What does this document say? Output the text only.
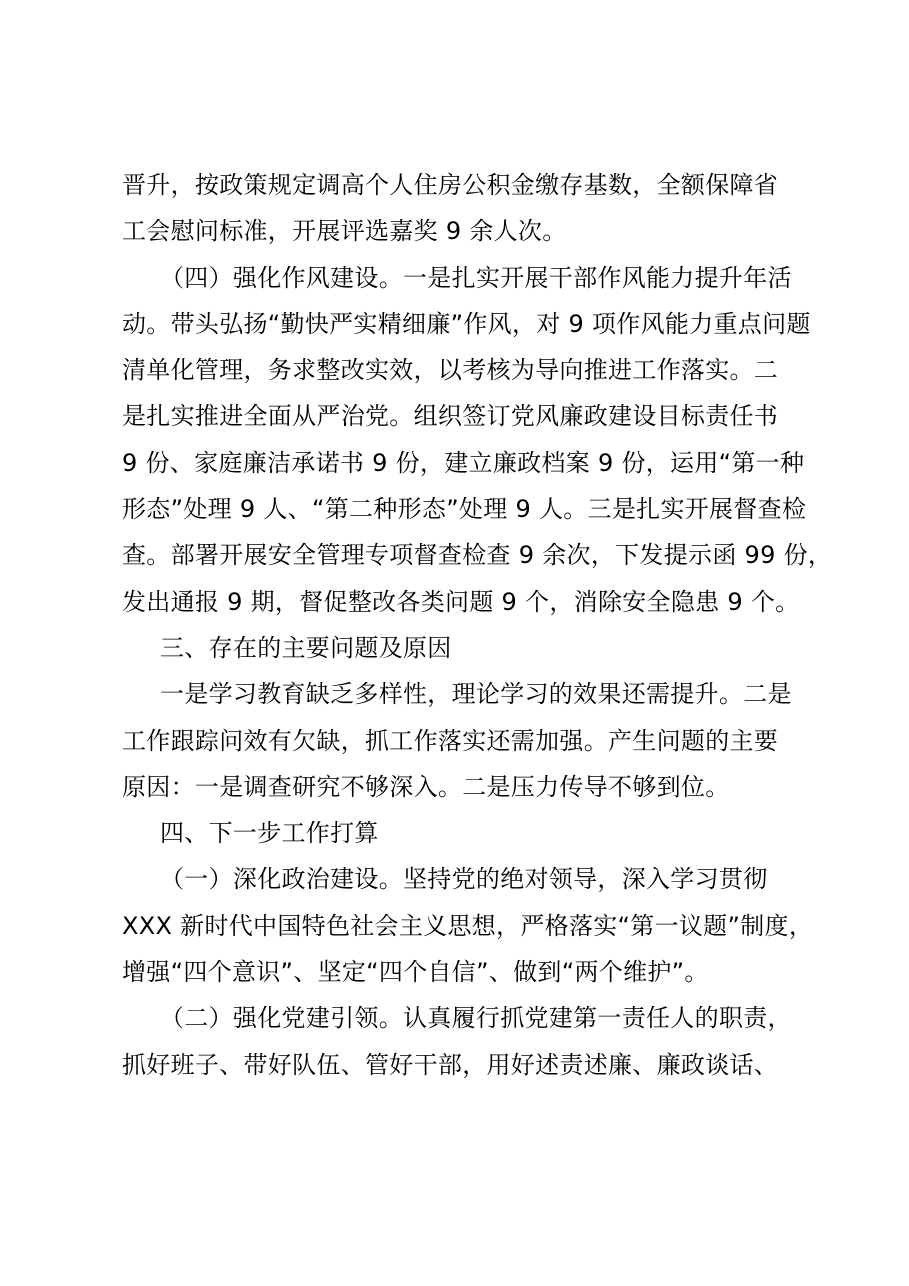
晋升，按政策规定调高个人住房公积金缴存基数，全额保障省
工会慰问标准，开展评选嘉奖 9 余人次。
（四）强化作风建设。一是扎实开展干部作风能力提升年活
动。带头弘扬“勤快严实精细廉”作风，对 9 项作风能力重点问题
清单化管理，务求整改实效，以考核为导向推进工作落实。二
是扎实推进全面从严治党。组织签订党风廉政建设目标责任书
9 份、家庭廉洁承诺书 9 份，建立廉政档案 9 份，运用“第一种
形态”处理 9 人、“第二种形态”处理 9 人。三是扎实开展督查检
查。部署开展安全管理专项督查检查 9 余次，下发提示函 99 份，
发出通报 9 期，督促整改各类问题 9 个，消除安全隐患 9 个。
三、存在的主要问题及原因
一是学习教育缺乏多样性，理论学习的效果还需提升。二是
工作跟踪问效有欠缺，抓工作落实还需加强。产生问题的主要
原因：一是调查研究不够深入。二是压力传导不够到位。
四、下一步工作打算
（一）深化政治建设。坚持党的绝对领导，深入学习贯彻
XXX 新时代中国特色社会主义思想，严格落实“第一议题”制度，
增强“四个意识”、坚定“四个自信”、做到“两个维护”。
（二）强化党建引领。认真履行抓党建第一责任人的职责，
抓好班子、带好队伍、管好干部，用好述责述廉、廉政谈话、
